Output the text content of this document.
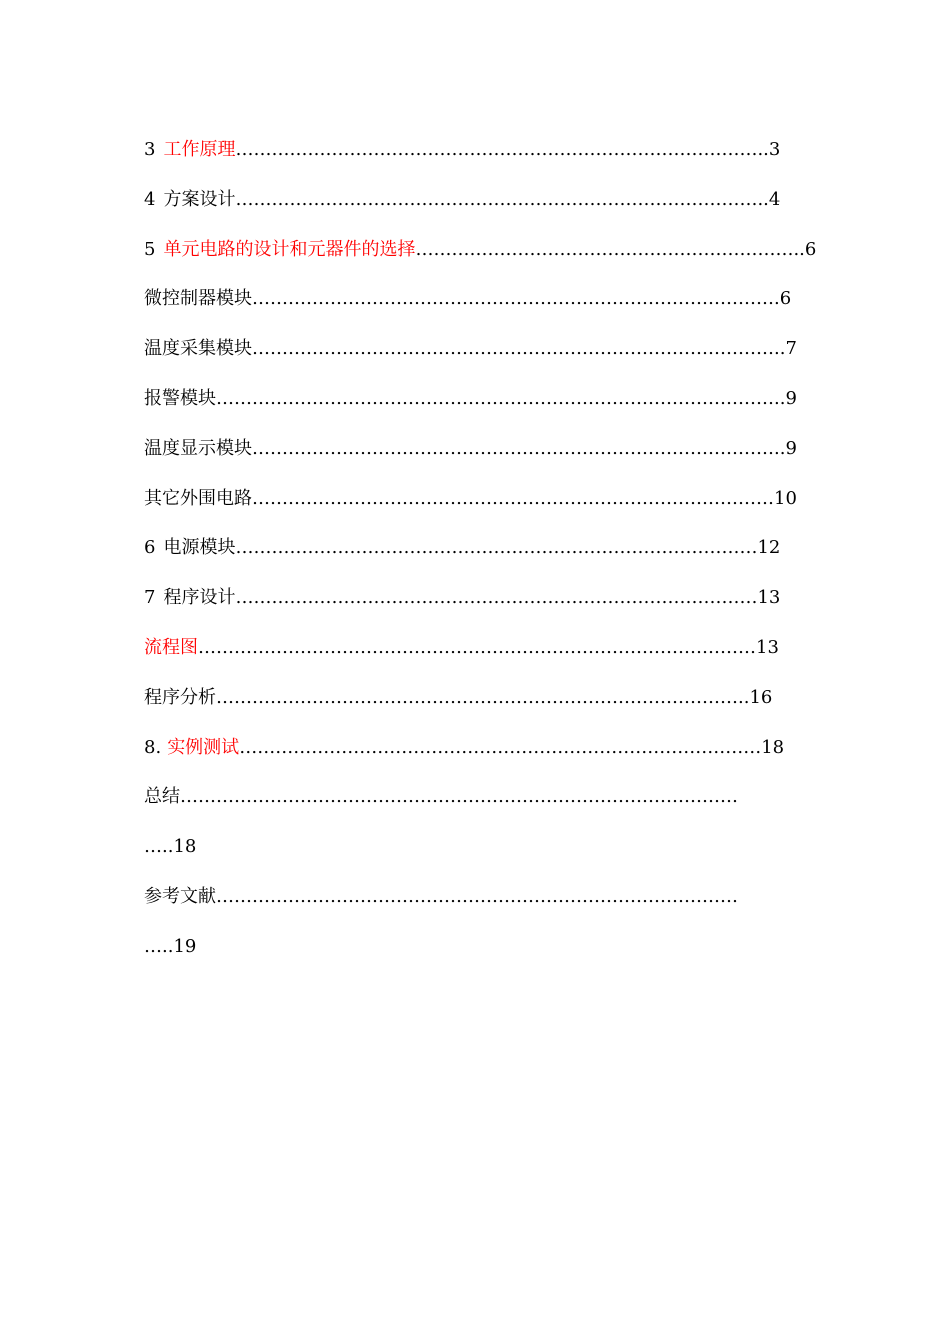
3 工作原理……………………………………………………………………………..3
4 方案设计……………………………………………………………………………..4
5 单元电路的设计和元器件的选择………………………………………………………..6
微控制器模块…………………………………………………………………………….6
温度采集模块……………………………………………………………………………..7
报警模块…………………………………………………………………………………..9
温度显示模块……………………………………………………………………………..9
其它外围电路……………………………………………………………………………10
6 电源模块……………………………………………………………………………12
7 程序设计……………………………………………………………………………13
流程图…………………………………………………………………………………13
程序分析……………………………………………………………………………..16
8. 实例测试……………………………………………………………………………18
总结…………………………………………………………………………………
…..18
参考文献……………………………………………………………………………
…..19
